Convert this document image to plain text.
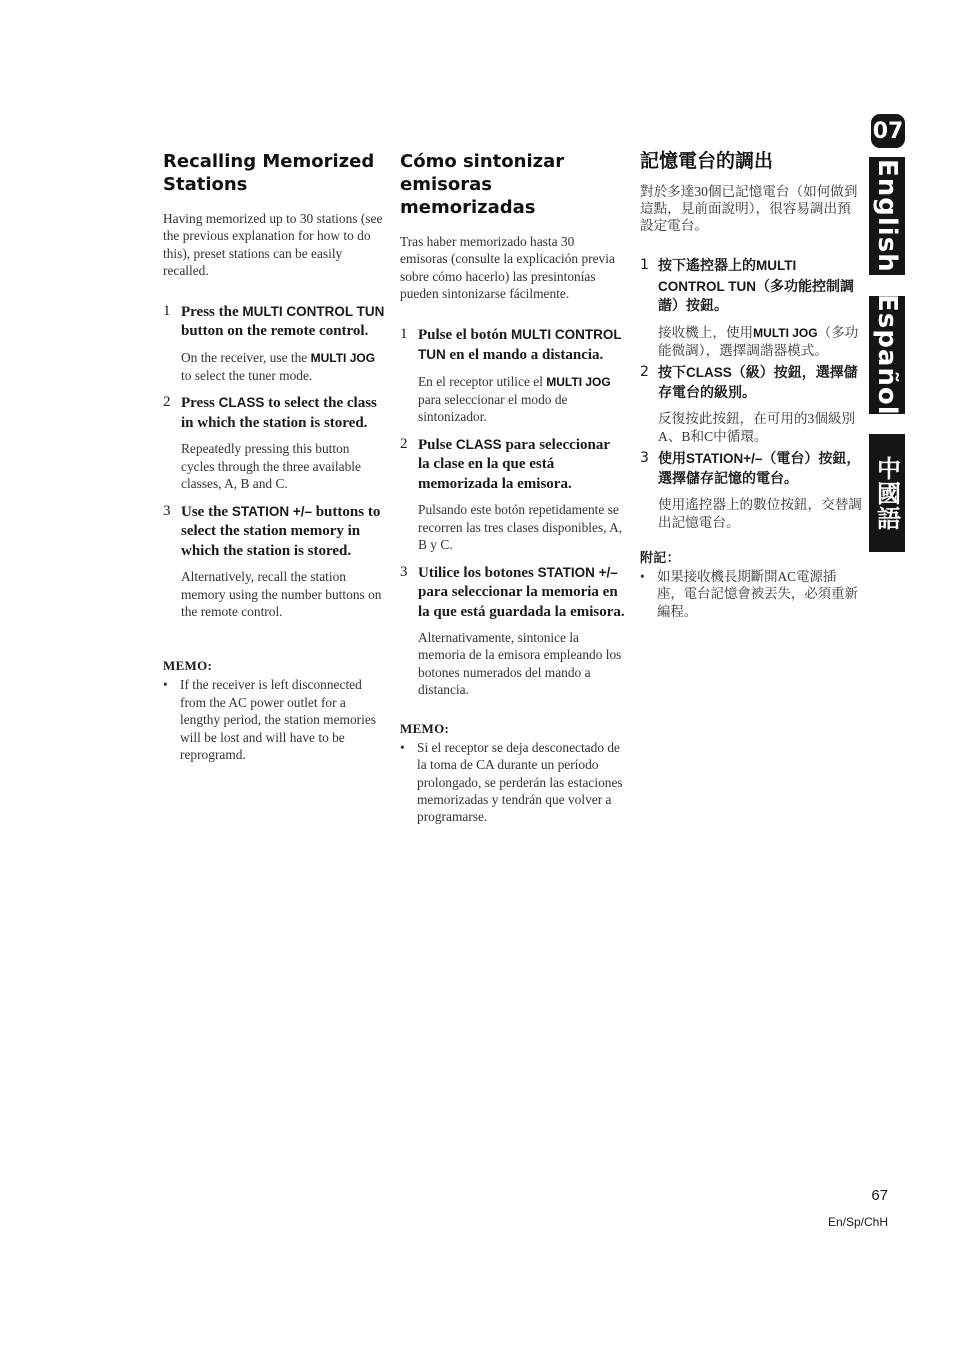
Recalling Memorized Stations

Having memorized up to 30 stations (see the previous explanation for how to do this), preset stations can be easily recalled.

1 Press the MULTI CONTROL TUN button on the remote control.

On the receiver, use the MULTI JOG to select the tuner mode.

2 Press CLASS to select the class in which the station is stored.

Repeatedly pressing this button cycles through the three available classes, A, B and C.

3 Use the STATION +/– buttons to select the station memory in which the station is stored.

Alternatively, recall the station memory using the number buttons on the remote control.

MEMO:

• If the receiver is left disconnected from the AC power outlet for a lengthy period, the station memories will be lost and will have to be reprogramd.
Cómo sintonizar emisoras memorizadas

Tras haber memorizado hasta 30 emisoras (consulte la explicación previa sobre cómo hacerlo) las presintonías pueden sintonizarse fácilmente.

1 Pulse el botón MULTI CONTROL TUN en el mando a distancia.

En el receptor utilice el MULTI JOG para seleccionar el modo de sintonizador.

2 Pulse CLASS para seleccionar la clase en la que está memorizada la emisora.

Pulsando este botón repetidamente se recorren las tres clases disponibles, A, B y C.

3 Utilice los botones STATION +/– para seleccionar la memoria en la que está guardada la emisora.

Alternativamente, sintonice la memoria de la emisora empleando los botones numerados del mando a distancia.

MEMO:

• Si el receptor se deja desconectado de la toma de CA durante un período prolongado, se perderán las estaciones memorizadas y tendrán que volver a programarse.
記憶電台的調出

對於多達30個已記憶電台（如何做到這點，見前面說明），很容易調出預設定電台。

1 按下遙控器上的MULTI CONTROL TUN（多功能控制調諧）按鈕。

接收機上，使用MULTI JOG（多功能微調），選擇調諧器模式。

2 按下CLASS（級）按鈕，選擇儲存電台的級別。

反復按此按鈕，在可用的3個級別A、B和C中循環。

3 使用STATION+/–（電台）按鈕，選擇儲存記憶的電台。

使用遙控器上的數位按鈕，交替調出記憶電台。

附記：

• 如果接收機長期斷開AC電源插座，電台記憶會被丟失，必須重新編程。
07
English
Español
中國語
67
En/Sp/ChH
